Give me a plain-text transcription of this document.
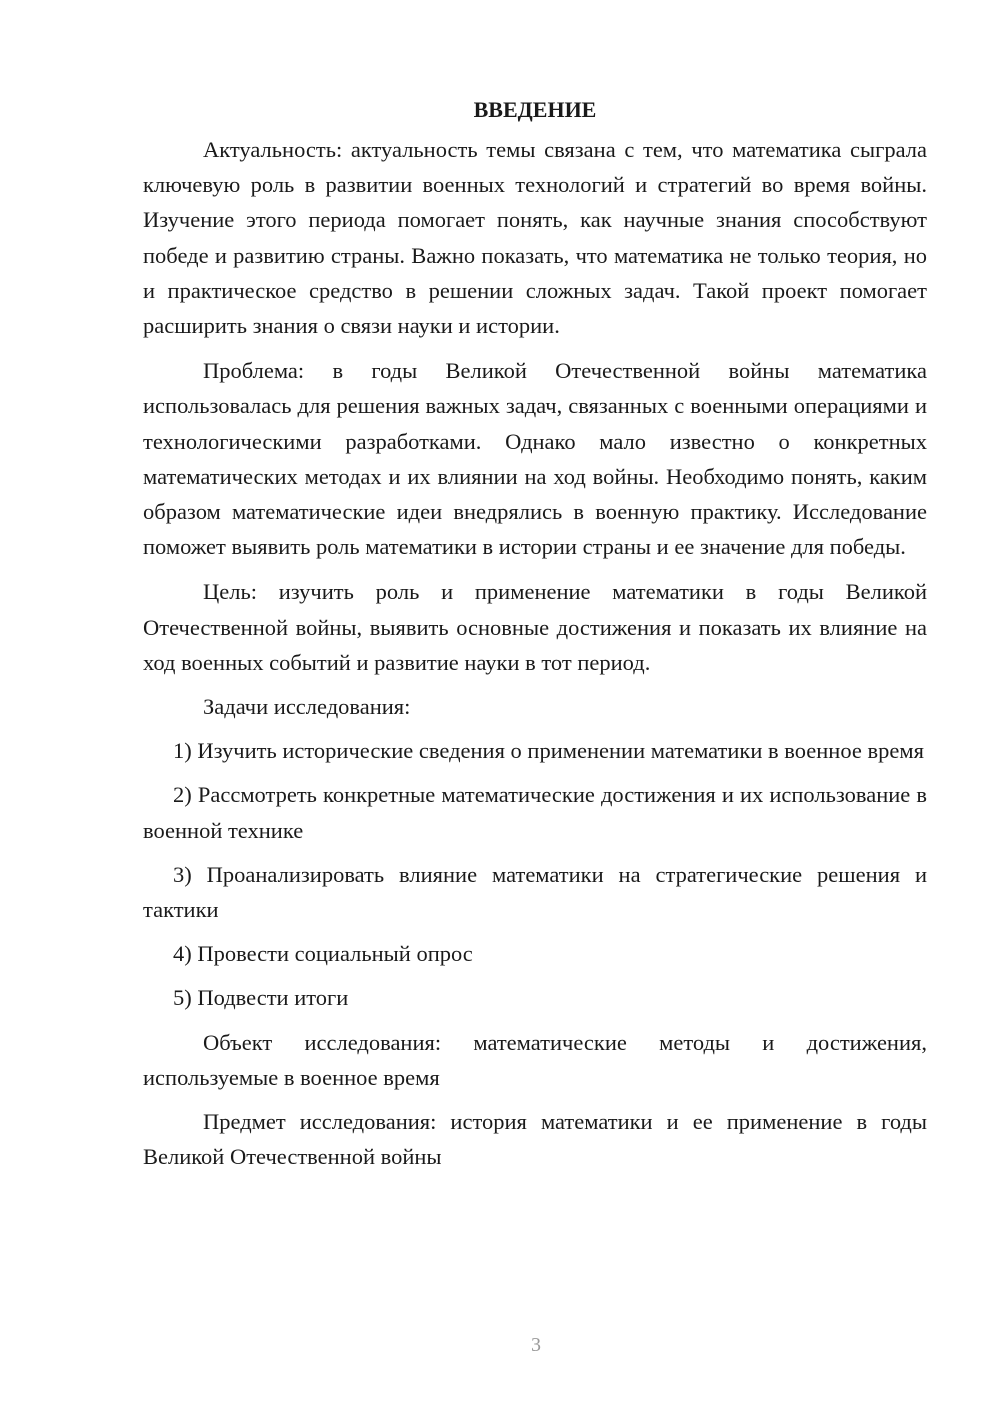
ВВЕДЕНИЕ

Актуальность: актуальность темы связана с тем, что математика сыграла ключевую роль в развитии военных технологий и стратегий во время войны. Изучение этого периода помогает понять, как научные знания способствуют победе и развитию страны. Важно показать, что математика не только теория, но и практическое средство в решении сложных задач. Такой проект помогает расширить знания о связи науки и истории.

Проблема: в годы Великой Отечественной войны математика использовалась для решения важных задач, связанных с военными операциями и технологическими разработками. Однако мало известно о конкретных математических методах и их влиянии на ход войны. Необходимо понять, каким образом математические идеи внедрялись в военную практику. Исследование поможет выявить роль математики в истории страны и ее значение для победы.

Цель: изучить роль и применение математики в годы Великой Отечественной войны, выявить основные достижения и показать их влияние на ход военных событий и развитие науки в тот период.

Задачи исследования:

1) Изучить исторические сведения о применении математики в военное время

2) Рассмотреть конкретные математические достижения и их использование в военной технике

3) Проанализировать влияние математики на стратегические решения и тактики

4) Провести социальный опрос

5) Подвести итоги

Объект исследования: математические методы и достижения, используемые в военное время

Предмет исследования: история математики и ее применение в годы Великой Отечественной войны

3
